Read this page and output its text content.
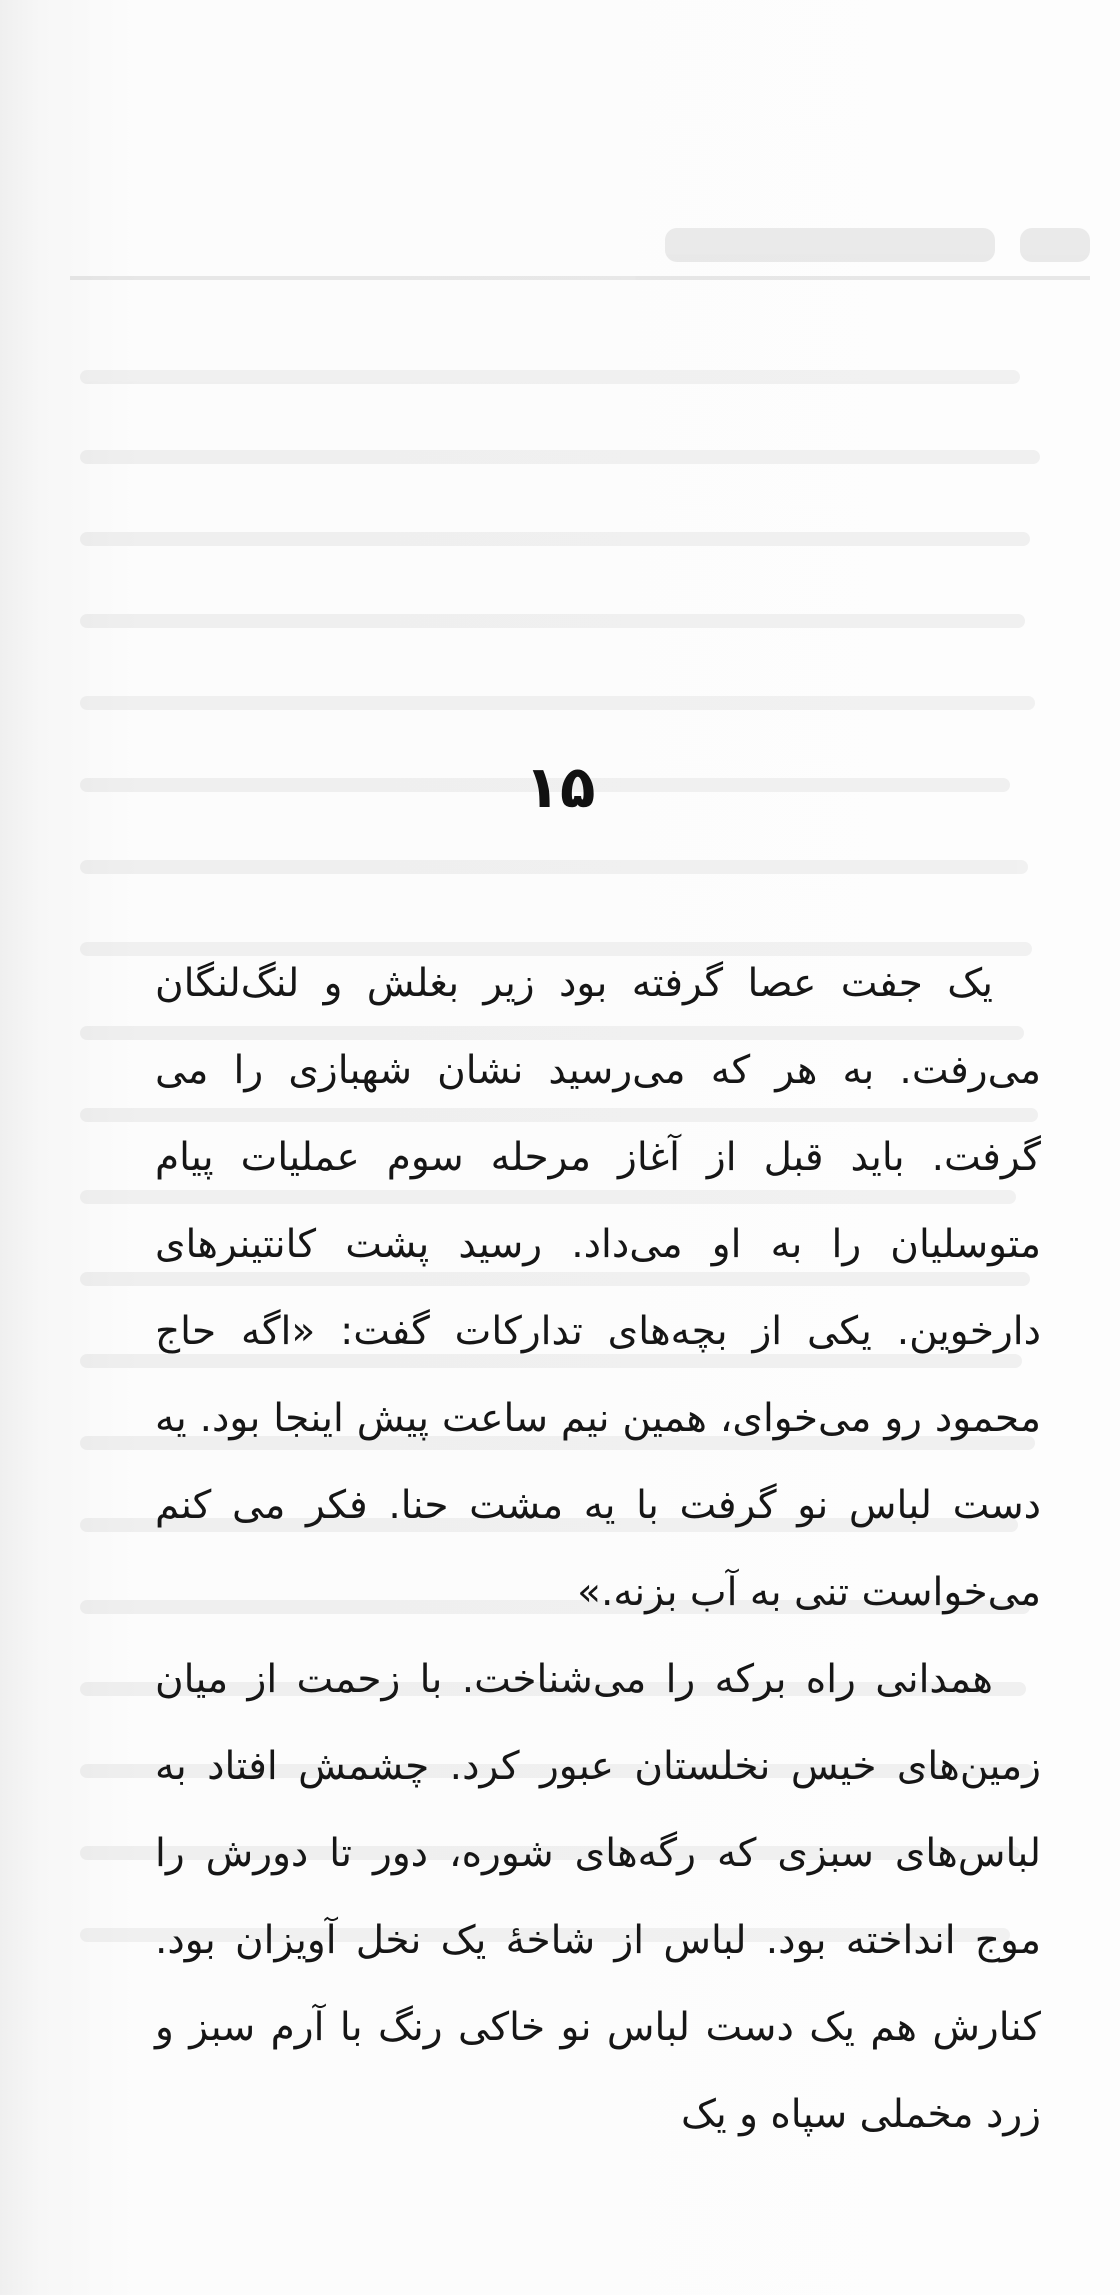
۱۵

یک جفت عصا گرفته بود زیر بغلش و لنگ‌لنگان می‌رفت. به هر که می‌رسید نشان شهبازی را می گرفت. باید قبل از آغاز مرحله سوم عملیات پیام متوسلیان را به او می‌داد. رسید پشت کانتینرهای دارخوین. یکی از بچه‌های تدارکات گفت: «اگه حاج محمود رو می‌خوای، همین نیم ساعت پیش اینجا بود. یه دست لباس نو گرفت با یه مشت حنا. فکر می کنم می‌خواست تنی به آب بزنه.»

همدانی راه برکه را می‌شناخت. با زحمت از میان زمین‌های خیس نخلستان عبور کرد. چشمش افتاد به لباس‌های سبزی که رگه‌های شوره، دور تا دورش را موج انداخته بود. لباس از شاخهٔ یک نخل آویزان بود. کنارش هم یک دست لباس نو خاکی رنگ با آرم سبز و زرد مخملی سپاه و یک
